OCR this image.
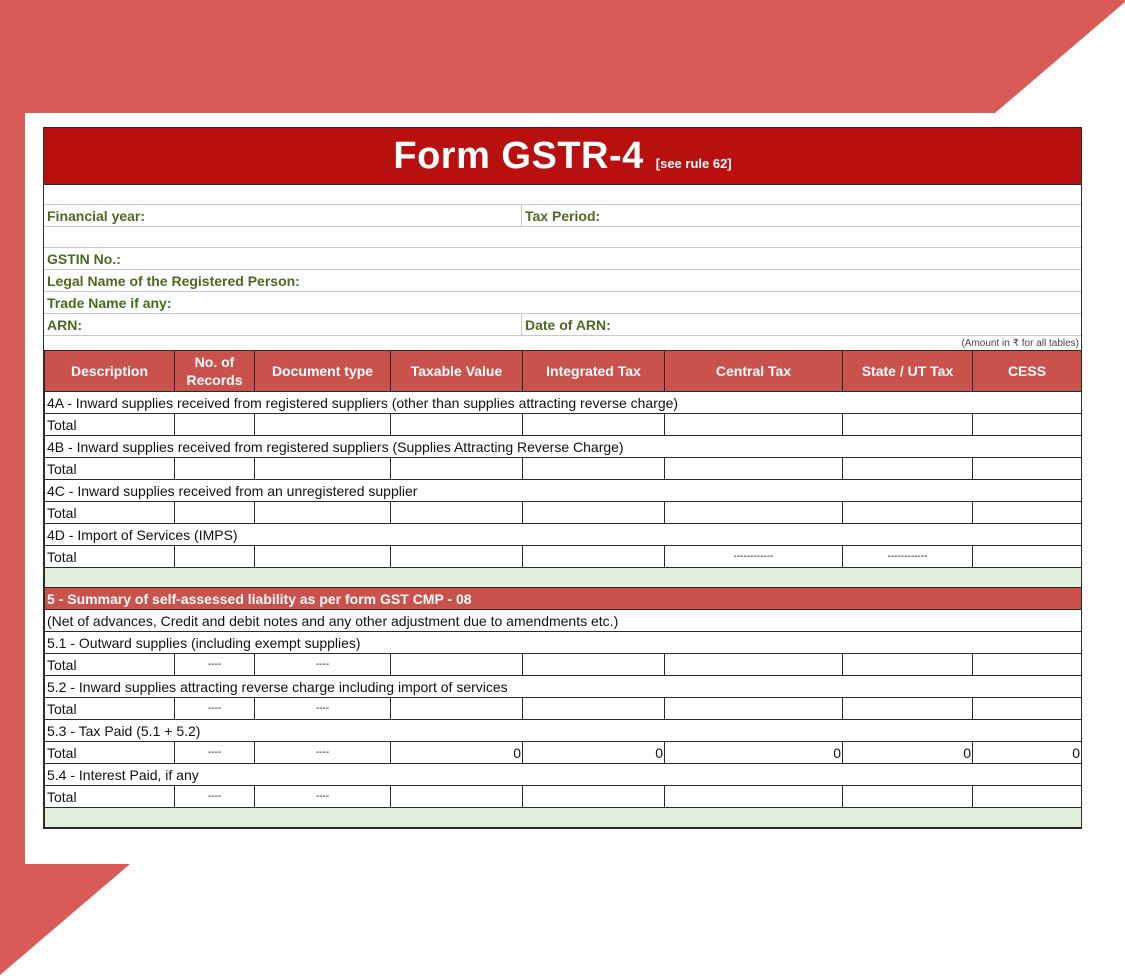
Form GSTR-4 [see rule 62]
Financial year:	Tax Period:
GSTIN No.:
Legal Name of the Registered Person:
Trade Name if any:
ARN:	Date of ARN:
(Amount in ₹ for all tables)
Description	No. of Records	Document type	Taxable Value	Integrated Tax	Central Tax	State / UT Tax	CESS
4A - Inward supplies received from registered suppliers (other than supplies attracting reverse charge)							
Total							
4B - Inward supplies received from registered suppliers (Supplies Attracting Reverse Charge)							
Total							
4C - Inward supplies received from an unregistered supplier							
Total							
4D - Import of Services (IMPS)							
Total					------------	------------	

5 - Summary of self-assessed liability as per form GST CMP - 08							
(Net of advances, Credit and debit notes and any other adjustment due to amendments etc.)							
5.1 - Outward supplies (including exempt supplies)							
Total	----	----					
5.2 - Inward supplies attracting reverse charge including import of services							
Total	----	----					
5.3 - Tax Paid (5.1 + 5.2)							
Total	----	----	0	0	0	0	0
5.4 - Interest Paid, if any							
Total	----	----					
